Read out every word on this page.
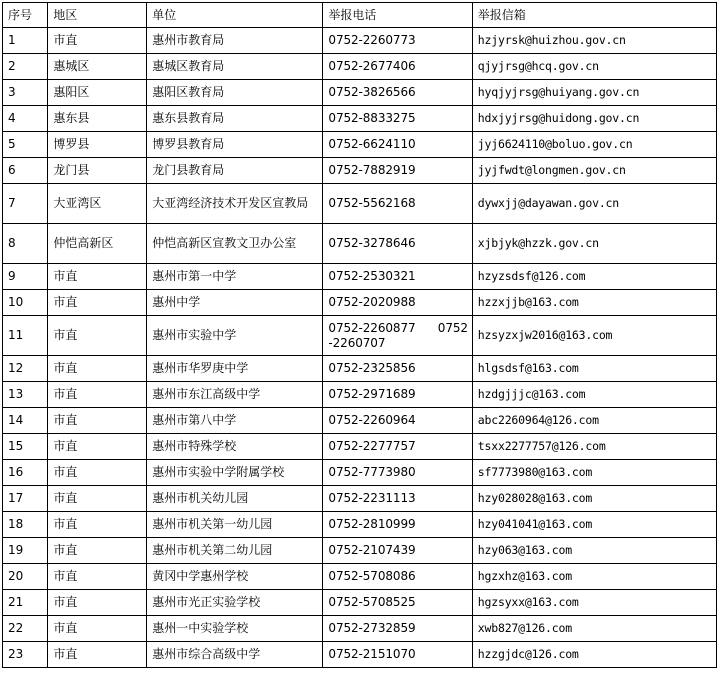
序号	地区	单位	举报电话	举报信箱
1	市直	惠州市教育局	0752-2260773	hzjyrsk@huizhou.gov.cn
2	惠城区	惠城区教育局	0752-2677406	qjyjrsg@hcq.gov.cn
3	惠阳区	惠阳区教育局	0752-3826566	hyqjyjrsg@huiyang.gov.cn
4	惠东县	惠东县教育局	0752-8833275	hdxjyjrsg@huidong.gov.cn
5	博罗县	博罗县教育局	0752-6624110	jyj6624110@boluo.gov.cn
6	龙门县	龙门县教育局	0752-7882919	jyjfwdt@longmen.gov.cn
7	大亚湾区	大亚湾经济技术开发区宣教局	0752-5562168	dywxjj@dayawan.gov.cn
8	仲恺高新区	仲恺高新区宣教文卫办公室	0752-3278646	xjbjyk@hzzk.gov.cn
9	市直	惠州市第一中学	0752-2530321	hzyzsdsf@126.com
10	市直	惠州中学	0752-2020988	hzzxjjb@163.com
11	市直	惠州市实验中学	0752-2260877      0752-2260707	hzsyzxjw2016@163.com
12	市直	惠州市华罗庚中学	0752-2325856	hlgsdsf@163.com
13	市直	惠州市东江高级中学	0752-2971689	hzdgjjjc@163.com
14	市直	惠州市第八中学	0752-2260964	abc2260964@126.com
15	市直	惠州市特殊学校	0752-2277757	tsxx2277757@126.com
16	市直	惠州市实验中学附属学校	0752-7773980	sf7773980@163.com
17	市直	惠州市机关幼儿园	0752-2231113	hzy028028@163.com
18	市直	惠州市机关第一幼儿园	0752-2810999	hzy041041@163.com
19	市直	惠州市机关第二幼儿园	0752-2107439	hzy063@163.com
20	市直	黄冈中学惠州学校	0752-5708086	hgzxhz@163.com
21	市直	惠州市光正实验学校	0752-5708525	hgzsyxx@163.com
22	市直	惠州一中实验学校	0752-2732859	xwb827@126.com
23	市直	惠州市综合高级中学	0752-2151070	hzzgjdc@126.com
